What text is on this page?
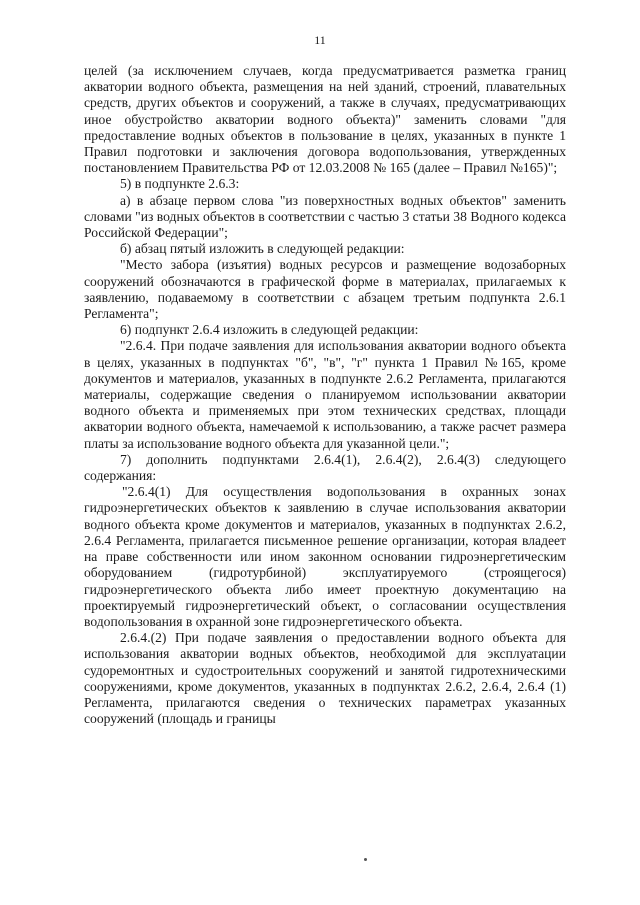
11

целей (за исключением случаев, когда предусматривается разметка границ акватории водного объекта, размещения на ней зданий, строений, плавательных средств, других объектов и сооружений, а также в случаях, предусматривающих иное обустройство акватории водного объекта)" заменить словами "для предоставление водных объектов в пользование в целях, указанных в пункте 1 Правил подготовки и заключения договора водопользования, утвержденных постановлением Правительства РФ от 12.03.2008 № 165 (далее – Правил №165)";

5) в подпункте 2.6.3:

а) в абзаце первом слова "из поверхностных водных объектов" заменить словами "из водных объектов в соответствии с частью 3 статьи 38 Водного кодекса Российской Федерации";

б) абзац пятый изложить в следующей редакции:

"Место забора (изъятия) водных ресурсов и размещение водозаборных сооружений обозначаются в графической форме в материалах, прилагаемых к заявлению, подаваемому в соответствии с абзацем третьим подпункта 2.6.1 Регламента";

6) подпункт 2.6.4 изложить в следующей редакции:

"2.6.4. При подаче заявления для использования акватории водного объекта в целях, указанных в подпунктах "б", "в", "г" пункта 1 Правил №165, кроме документов и материалов, указанных в подпункте 2.6.2 Регламента, прилагаются материалы, содержащие сведения о планируемом использовании акватории водного объекта и применяемых при этом технических средствах, площади акватории водного объекта, намечаемой к использованию, а также расчет размера платы за использование водного объекта для указанной цели.";

7) дополнить подпунктами 2.6.4(1), 2.6.4(2), 2.6.4(3) следующего содержания:

"2.6.4(1) Для осуществления водопользования в охранных зонах гидроэнергетических объектов к заявлению в случае использования акватории водного объекта кроме документов и материалов, указанных в подпунктах 2.6.2, 2.6.4 Регламента, прилагается письменное решение организации, которая владеет на праве собственности или ином законном основании гидроэнергетическим оборудованием (гидротурбиной) эксплуатируемого (строящегося) гидроэнергетического объекта либо имеет проектную документацию на проектируемый гидроэнергетический объект, о согласовании осуществления водопользования в охранной зоне гидроэнергетического объекта.

2.6.4.(2) При подаче заявления о предоставлении водного объекта для использования акватории водных объектов, необходимой для эксплуатации судоремонтных и судостроительных сооружений и занятой гидротехническими сооружениями, кроме документов, указанных в подпунктах 2.6.2, 2.6.4, 2.6.4 (1) Регламента, прилагаются сведения о технических параметрах указанных сооружений (площадь и границы
